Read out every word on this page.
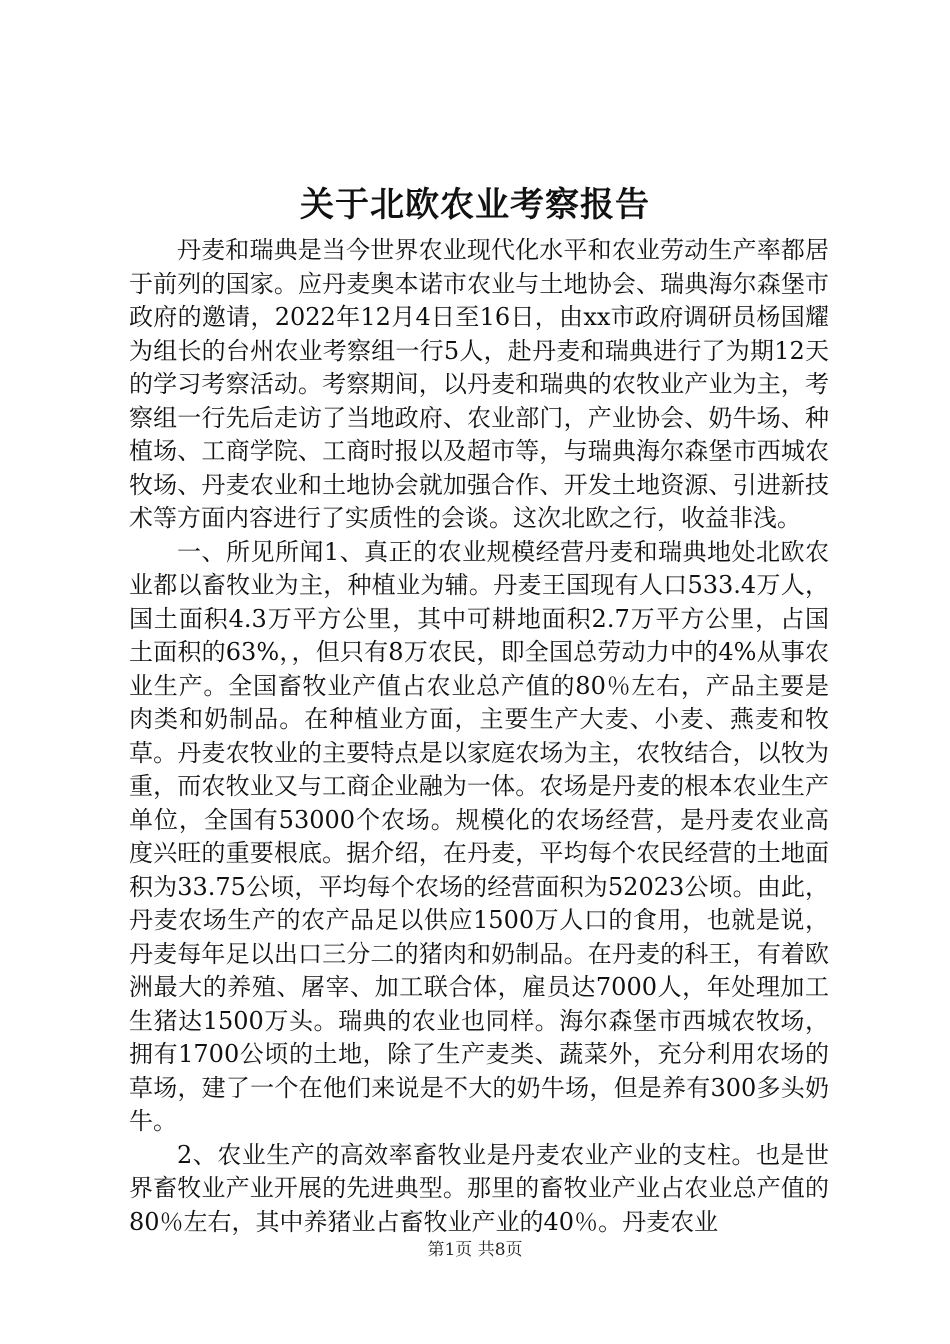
关于北欧农业考察报告

丹麦和瑞典是当今世界农业现代化水平和农业劳动生产率都居于前列的国家。应丹麦奥本诺市农业与土地协会、瑞典海尔森堡市政府的邀请，2022年12月4日至16日，由xx市政府调研员杨国耀为组长的台州农业考察组一行5人，赴丹麦和瑞典进行了为期12天的学习考察活动。考察期间，以丹麦和瑞典的农牧业产业为主，考察组一行先后走访了当地政府、农业部门，产业协会、奶牛场、种植场、工商学院、工商时报以及超市等，与瑞典海尔森堡市西城农牧场、丹麦农业和土地协会就加强合作、开发土地资源、引进新技术等方面内容进行了实质性的会谈。这次北欧之行，收益非浅。

一、所见所闻1、真正的农业规模经营丹麦和瑞典地处北欧农业都以畜牧业为主，种植业为辅。丹麦王国现有人口533.4万人，国土面积4.3万平方公里，其中可耕地面积2.7万平方公里，占国土面积的63%，，但只有8万农民，即全国总劳动力中的4%从事农业生产。全国畜牧业产值占农业总产值的80％左右，产品主要是肉类和奶制品。在种植业方面，主要生产大麦、小麦、燕麦和牧草。丹麦农牧业的主要特点是以家庭农场为主，农牧结合，以牧为重，而农牧业又与工商企业融为一体。农场是丹麦的根本农业生产单位，全国有53000个农场。规模化的农场经营，是丹麦农业高度兴旺的重要根底。据介绍，在丹麦，平均每个农民经营的土地面积为33.75公顷，平均每个农场的经营面积为52023公顷。由此，丹麦农场生产的农产品足以供应1500万人口的食用，也就是说，丹麦每年足以出口三分二的猪肉和奶制品。在丹麦的科王，有着欧洲最大的养殖、屠宰、加工联合体，雇员达7000人，年处理加工生猪达1500万头。瑞典的农业也同样。海尔森堡市西城农牧场，拥有1700公顷的土地，除了生产麦类、蔬菜外，充分利用农场的草场，建了一个在他们来说是不大的奶牛场，但是养有300多头奶牛。

2、农业生产的高效率畜牧业是丹麦农业产业的支柱。也是世界畜牧业产业开展的先进典型。那里的畜牧业产业占农业总产值的80％左右，其中养猪业占畜牧业产业的40％。丹麦农业

第1页 共8页
